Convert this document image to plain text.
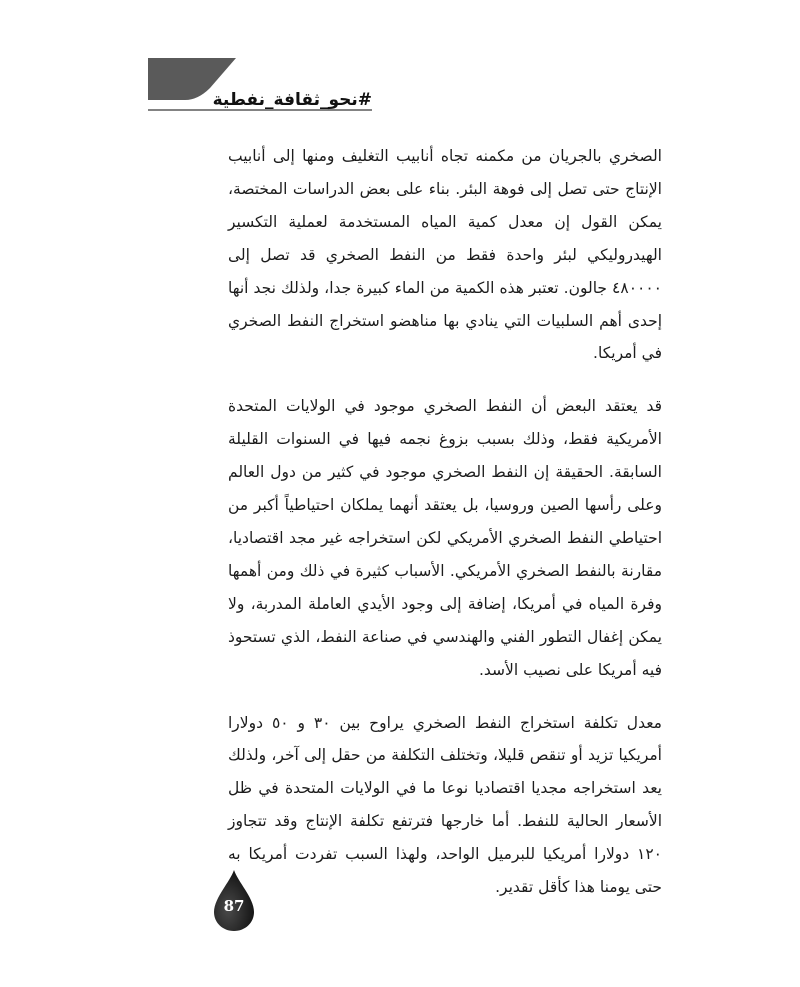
#نحو_ثقافة_نفطية

الصخري بالجريان من مكمنه تجاه أنابيب التغليف ومنها إلى أنابيب الإنتاج حتى تصل إلى فوهة البئر. بناء على بعض الدراسات المختصة، يمكن القول إن معدل كمية المياه المستخدمة لعملية التكسير الهيدروليكي لبئر واحدة فقط من النفط الصخري قد تصل إلى ٤٨٠٠٠٠ جالون. تعتبر هذه الكمية من الماء كبيرة جدا، ولذلك نجد أنها إحدى أهم السلبيات التي ينادي بها مناهضو استخراج النفط الصخري في أمريكا.

قد يعتقد البعض أن النفط الصخري موجود في الولايات المتحدة الأمريكية فقط، وذلك بسبب بزوغ نجمه فيها في السنوات القليلة السابقة. الحقيقة إن النفط الصخري موجود في كثير من دول العالم وعلى رأسها الصين وروسيا، بل يعتقد أنهما يملكان احتياطياً أكبر من احتياطي النفط الصخري الأمريكي لكن استخراجه غير مجد اقتصاديا، مقارنة بالنفط الصخري الأمريكي. الأسباب كثيرة في ذلك ومن أهمها وفرة المياه في أمريكا، إضافة إلى وجود الأيدي العاملة المدربة، ولا يمكن إغفال التطور الفني والهندسي في صناعة النفط، الذي تستحوذ فيه أمريكا على نصيب الأسد.

معدل تكلفة استخراج النفط الصخري يراوح بين ٣٠ و ٥٠ دولارا أمريكيا تزيد أو تنقص قليلا، وتختلف التكلفة من حقل إلى آخر، ولذلك يعد استخراجه مجديا اقتصاديا نوعا ما في الولايات المتحدة في ظل الأسعار الحالية للنفط. أما خارجها فترتفع تكلفة الإنتاج وقد تتجاوز ١٢٠ دولارا أمريكيا للبرميل الواحد، ولهذا السبب تفردت أمريكا به حتى يومنا هذا كأقل تقدير.

87
